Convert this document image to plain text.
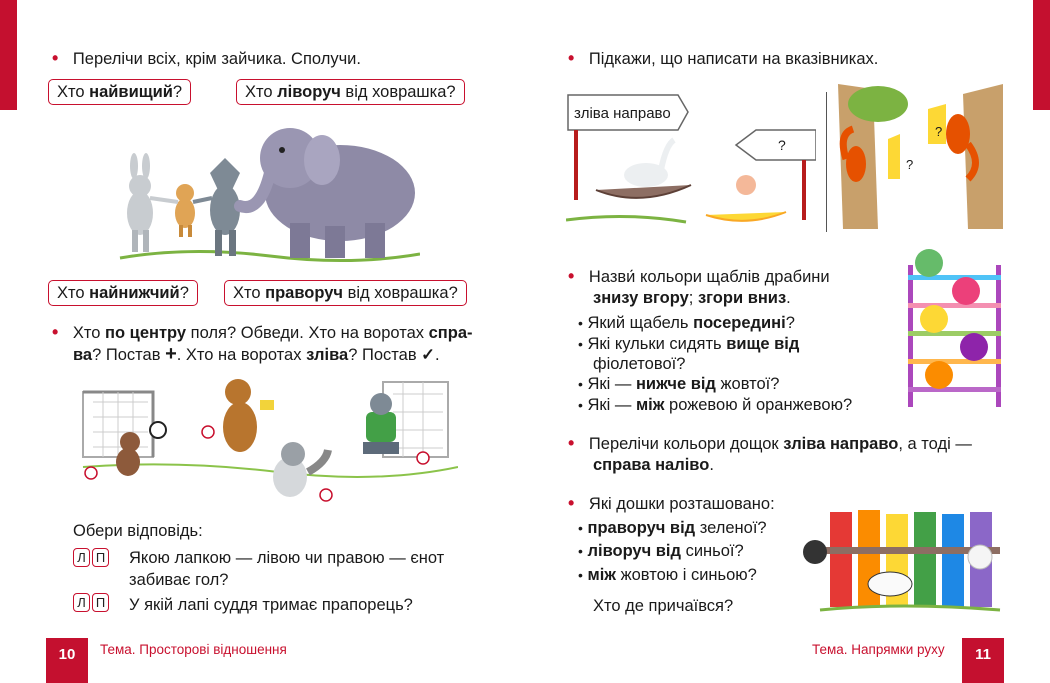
• Перелічи всіх, крім зайчика. Сполучи.
Хто найвищий?	Хто ліворуч від ховрашка?
Хто найнижчий?	Хто праворуч від ховрашка?
• Хто по центру поля? Обведи. Хто на воротах спра-
ва? Постав +. Хто на воротах зліва? Постав ✓.
Обери відповідь:
Л П	Якою лапкою — лівою чи правою — єнот
забиває гол?
Л П	У якій лапі суддя тримає прапорець?
10	Тема. Просторові відношення
• Підкажи, що написати на вказівниках.
зліва направо
?
?
?
• Назви́ кольори щаблів драбини
знизу вгору; згори вниз.
• Який щабель посередині?
• Які кульки сидять вище від
фіолетової?
• Які — нижче від жовтої?
• Які — між рожевою й оранжевою?
• Перелічи кольори дощок зліва направо, а тоді —
справа наліво.
• Які дошки розташовано:
• праворуч від зеленої?
• ліворуч від синьої?
• між жовтою і синьою?
Хто де причаївся?
Тема. Напрямки руху	11
